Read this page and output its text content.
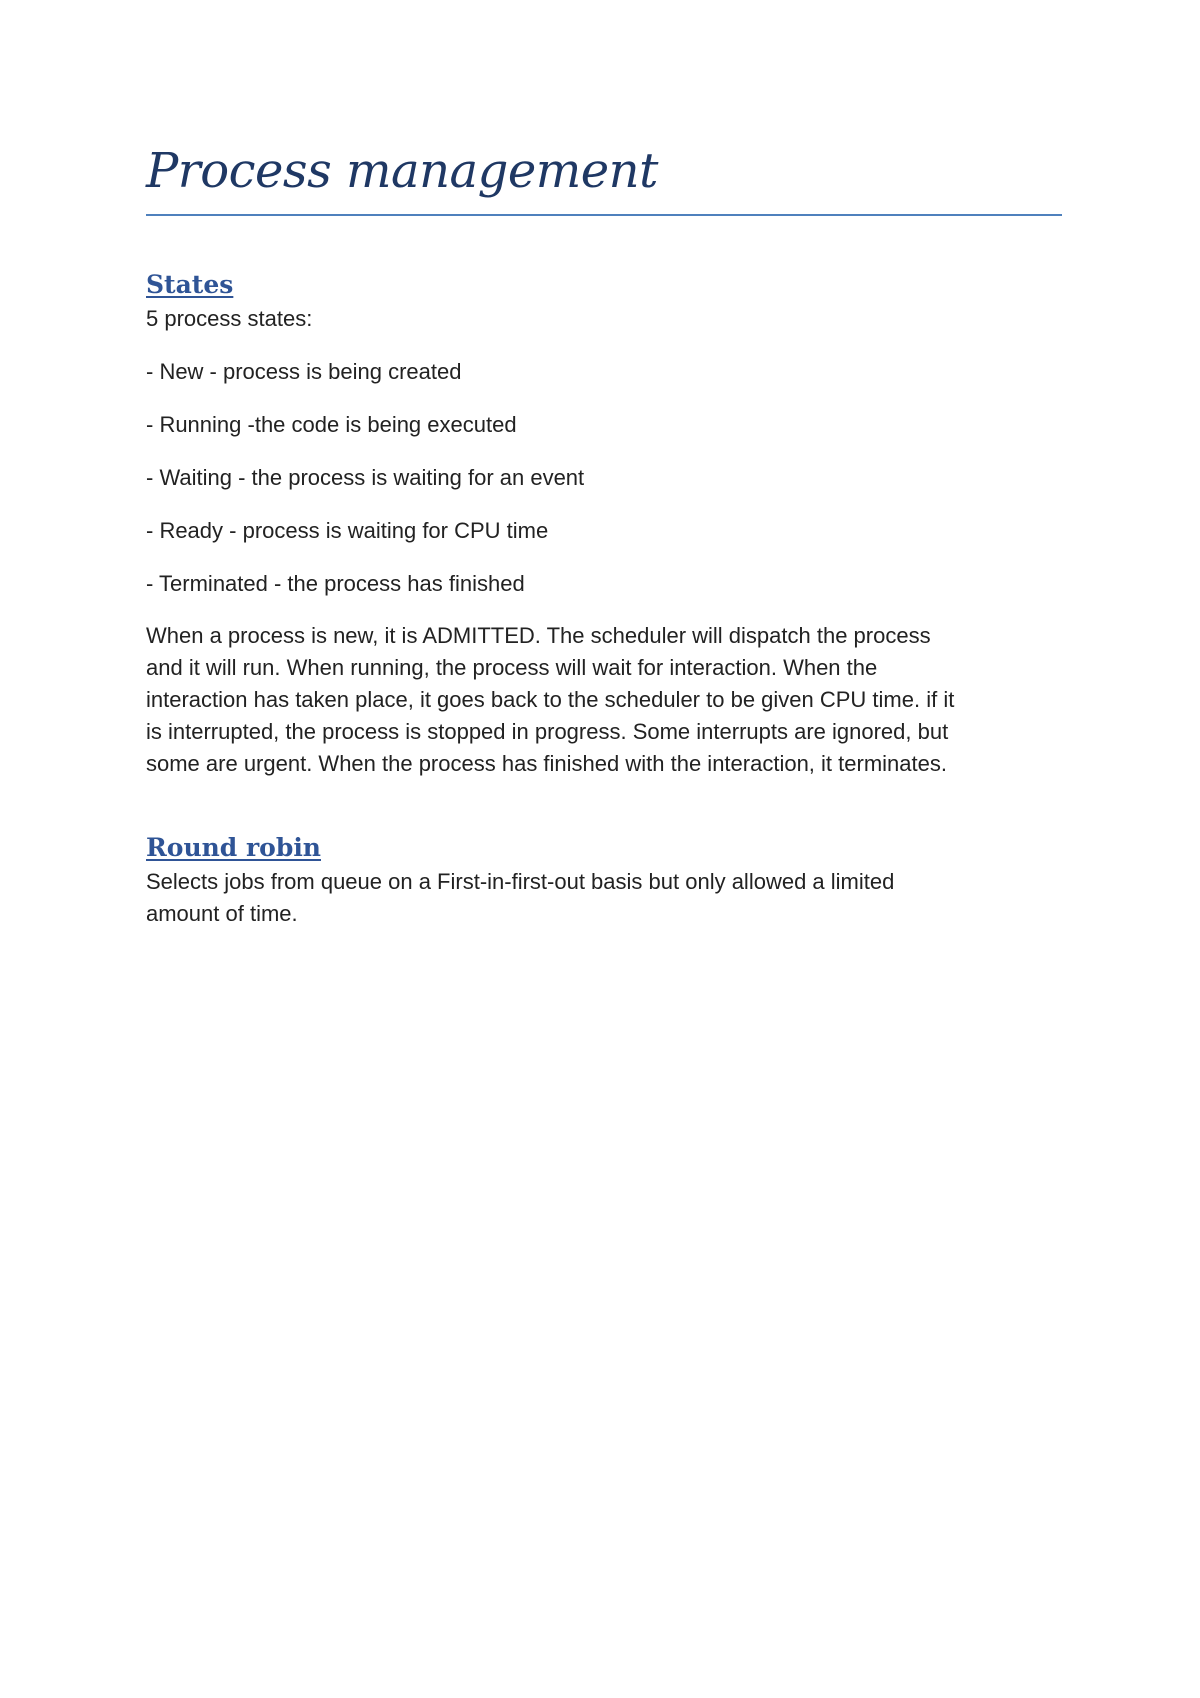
Process management
States

5 process states:

- New - process is being created

- Running -the code is being executed

- Waiting - the process is waiting for an event

- Ready - process is waiting for CPU time

- Terminated - the process has finished

When a process is new, it is ADMITTED. The scheduler will dispatch the process
and it will run. When running, the process will wait for interaction. When the
interaction has taken place, it goes back to the scheduler to be given CPU time. if it
is interrupted, the process is stopped in progress. Some interrupts are ignored, but
some are urgent. When the process has finished with the interaction, it terminates.
Round robin
Selects jobs from queue on a First-in-first-out basis but only allowed a limited
amount of time.
